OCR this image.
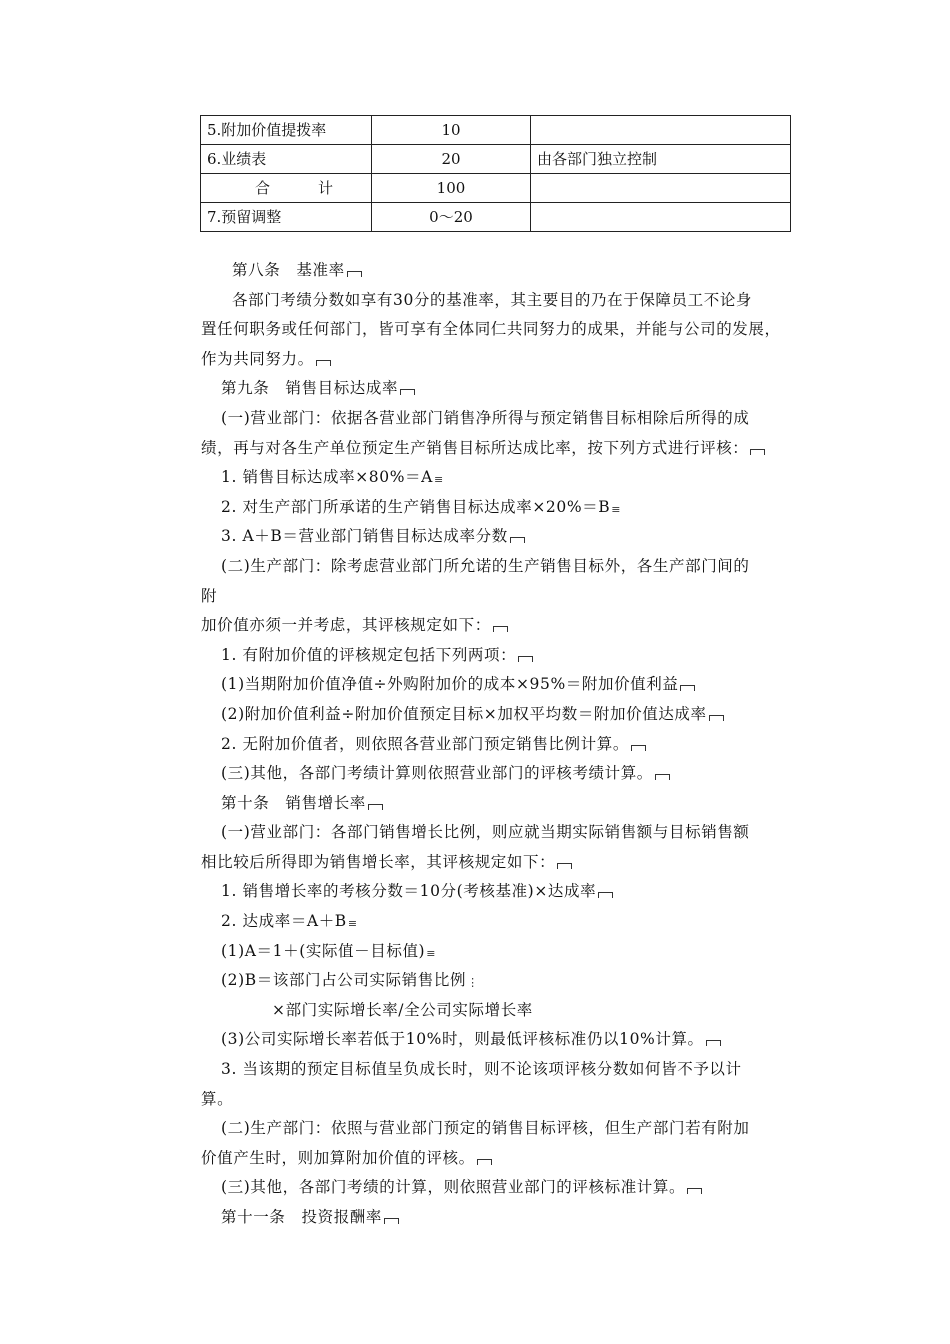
5.附加价值提拨率	10	
6.业绩表	20	由各部门独立控制
合 计	100	
7.预留调整	0～20	
第八条　基准率
各部门考绩分数如享有30分的基准率，其主要目的乃在于保障员工不论身
置任何职务或任何部门，皆可享有全体同仁共同努力的成果，并能与公司的发展，
作为共同努力。
第九条　销售目标达成率
(一)营业部门：依据各营业部门销售净所得与预定销售目标相除后所得的成
绩，再与对各生产单位预定生产销售目标所达成比率，按下列方式进行评核：
1. 销售目标达成率×80%＝A≡
2. 对生产部门所承诺的生产销售目标达成率×20%＝B≡
3. A＋B＝营业部门销售目标达成率分数
(二)生产部门：除考虑营业部门所允诺的生产销售目标外，各生产部门间的
附
加价值亦须一并考虑，其评核规定如下：
1. 有附加价值的评核规定包括下列两项：
(1)当期附加价值净值÷外购附加价的成本×95%＝附加价值利益
(2)附加价值利益÷附加价值预定目标×加权平均数＝附加价值达成率
2. 无附加价值者，则依照各营业部门预定销售比例计算。
(三)其他，各部门考绩计算则依照营业部门的评核考绩计算。
第十条　销售增长率
(一)营业部门：各部门销售增长比例，则应就当期实际销售额与目标销售额
相比较后所得即为销售增长率，其评核规定如下：
1. 销售增长率的考核分数＝10分(考核基准)×达成率
2. 达成率＝A＋B≡
(1)A＝1＋(实际值－目标值)≡
(2)B＝该部门占公司实际销售比例⋮
×部门实际增长率/全公司实际增长率
(3)公司实际增长率若低于10%时，则最低评核标准仍以10%计算。
3. 当该期的预定目标值呈负成长时，则不论该项评核分数如何皆不予以计
算。
(二)生产部门：依照与营业部门预定的销售目标评核，但生产部门若有附加
价值产生时，则加算附加价值的评核。
(三)其他，各部门考绩的计算，则依照营业部门的评核标准计算。
第十一条　投资报酬率
